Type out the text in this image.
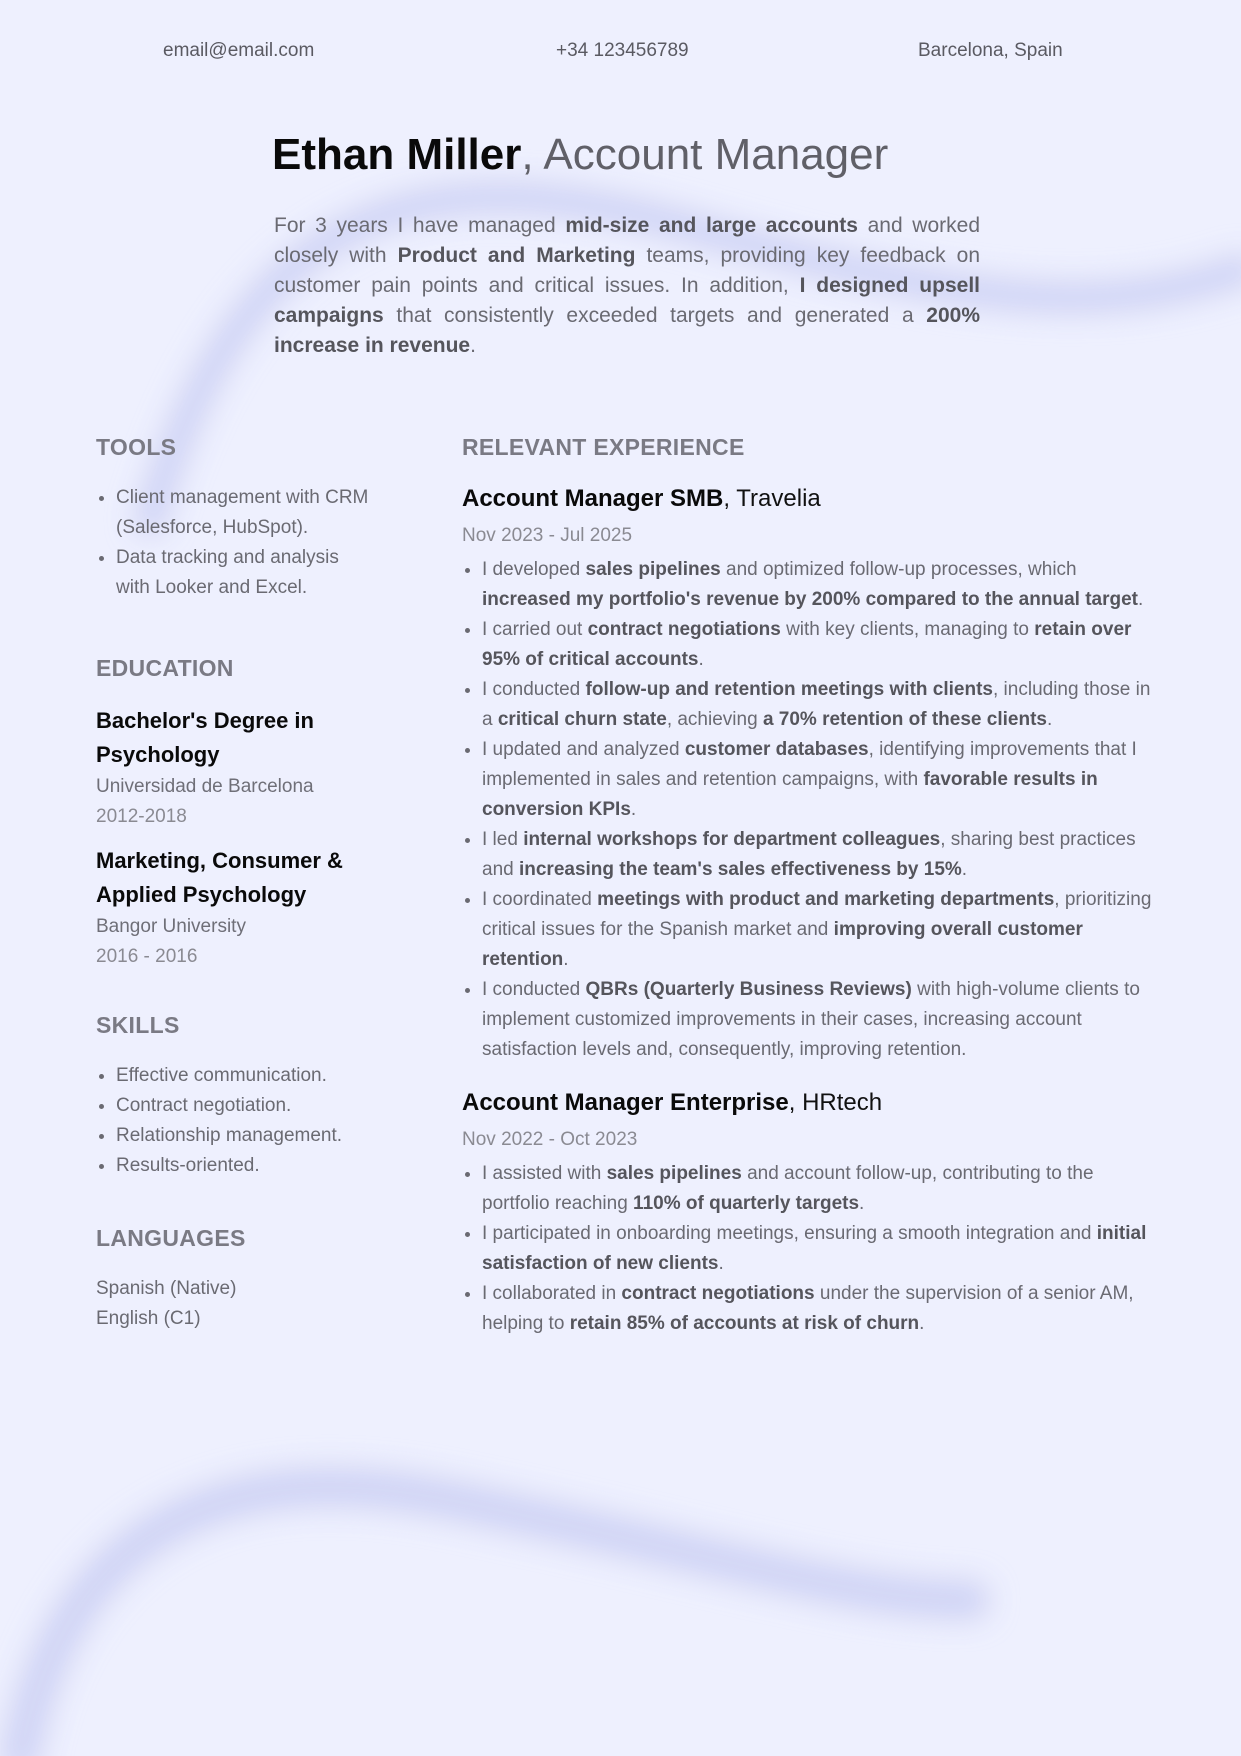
email@email.com	+34 123456789	Barcelona, Spain
Ethan Miller, Account Manager

For 3 years I have managed mid-size and large accounts and worked closely with Product and Marketing teams, providing key feedback on customer pain points and critical issues. In addition, I designed upsell campaigns that consistently exceeded targets and generated a 200% increase in revenue.

TOOLS
• Client management with CRM (Salesforce, HubSpot).
• Data tracking and analysis with Looker and Excel.
EDUCATION
Bachelor's Degree in Psychology
Universidad de Barcelona
2012-2018
Marketing, Consumer & Applied Psychology
Bangor University
2016 - 2016
SKILLS
• Effective communication.
• Contract negotiation.
• Relationship management.
• Results-oriented.
LANGUAGES
Spanish (Native)
English (C1)
RELEVANT EXPERIENCE
Account Manager SMB, Travelia
Nov 2023 - Jul 2025
• I developed sales pipelines and optimized follow-up processes, which increased my portfolio's revenue by 200% compared to the annual target.
• I carried out contract negotiations with key clients, managing to retain over 95% of critical accounts.
• I conducted follow-up and retention meetings with clients, including those in a critical churn state, achieving a 70% retention of these clients.
• I updated and analyzed customer databases, identifying improvements that I implemented in sales and retention campaigns, with favorable results in conversion KPIs.
• I led internal workshops for department colleagues, sharing best practices and increasing the team's sales effectiveness by 15%.
• I coordinated meetings with product and marketing departments, prioritizing critical issues for the Spanish market and improving overall customer retention.
• I conducted QBRs (Quarterly Business Reviews) with high-volume clients to implement customized improvements in their cases, increasing account satisfaction levels and, consequently, improving retention.
Account Manager Enterprise, HRtech
Nov 2022 - Oct 2023
• I assisted with sales pipelines and account follow-up, contributing to the portfolio reaching 110% of quarterly targets.
• I participated in onboarding meetings, ensuring a smooth integration and initial satisfaction of new clients.
• I collaborated in contract negotiations under the supervision of a senior AM, helping to retain 85% of accounts at risk of churn.
